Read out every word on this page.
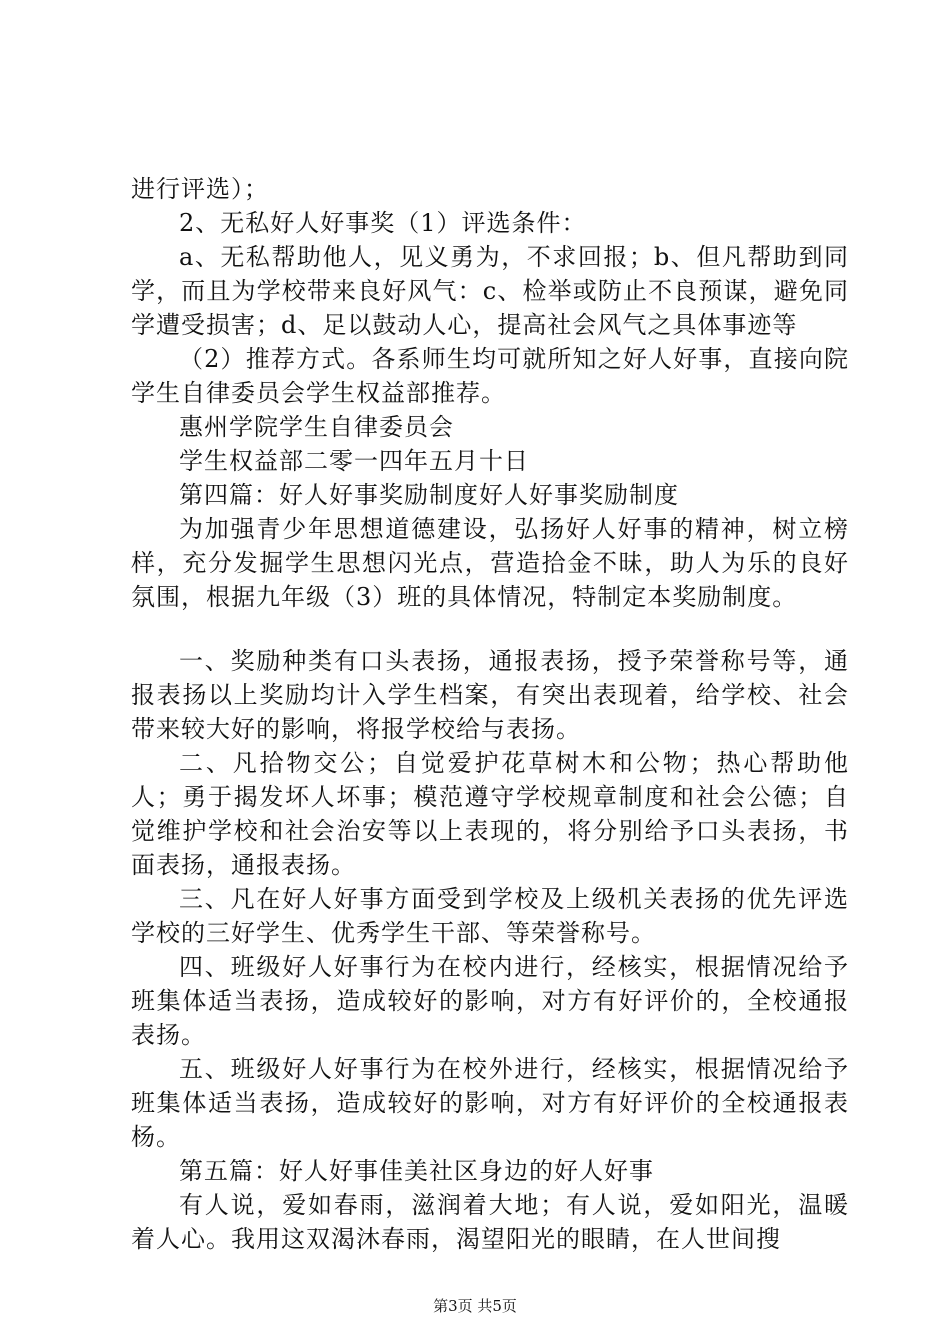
进行评选）；

2、无私好人好事奖（1）评选条件：

a、无私帮助他人，见义勇为，不求回报；b、但凡帮助到同学，而且为学校带来良好风气：c、检举或防止不良预谋，避免同学遭受损害；d、足以鼓动人心，提高社会风气之具体事迹等

（2）推荐方式。各系师生均可就所知之好人好事，直接向院学生自律委员会学生权益部推荐。

惠州学院学生自律委员会

学生权益部二零一四年五月十日

第四篇：好人好事奖励制度好人好事奖励制度

为加强青少年思想道德建设，弘扬好人好事的精神，树立榜样，充分发掘学生思想闪光点，营造拾金不昧，助人为乐的良好氛围，根据九年级（3）班的具体情况，特制定本奖励制度。

一、奖励种类有口头表扬，通报表扬，授予荣誉称号等，通报表扬以上奖励均计入学生档案，有突出表现着，给学校、社会带来较大好的影响，将报学校给与表扬。

二、凡拾物交公；自觉爱护花草树木和公物；热心帮助他人；勇于揭发坏人坏事；模范遵守学校规章制度和社会公德；自觉维护学校和社会治安等以上表现的，将分别给予口头表扬，书面表扬，通报表扬。

三、凡在好人好事方面受到学校及上级机关表扬的优先评选学校的三好学生、优秀学生干部、等荣誉称号。

四、班级好人好事行为在校内进行，经核实，根据情况给予班集体适当表扬，造成较好的影响，对方有好评价的，全校通报表扬。

五、班级好人好事行为在校外进行，经核实，根据情况给予班集体适当表扬，造成较好的影响，对方有好评价的全校通报表杨。

第五篇：好人好事佳美社区身边的好人好事

有人说，爱如春雨，滋润着大地；有人说，爱如阳光，温暖着人心。我用这双渴沐春雨，渴望阳光的眼睛，在人世间搜

第3页 共5页
